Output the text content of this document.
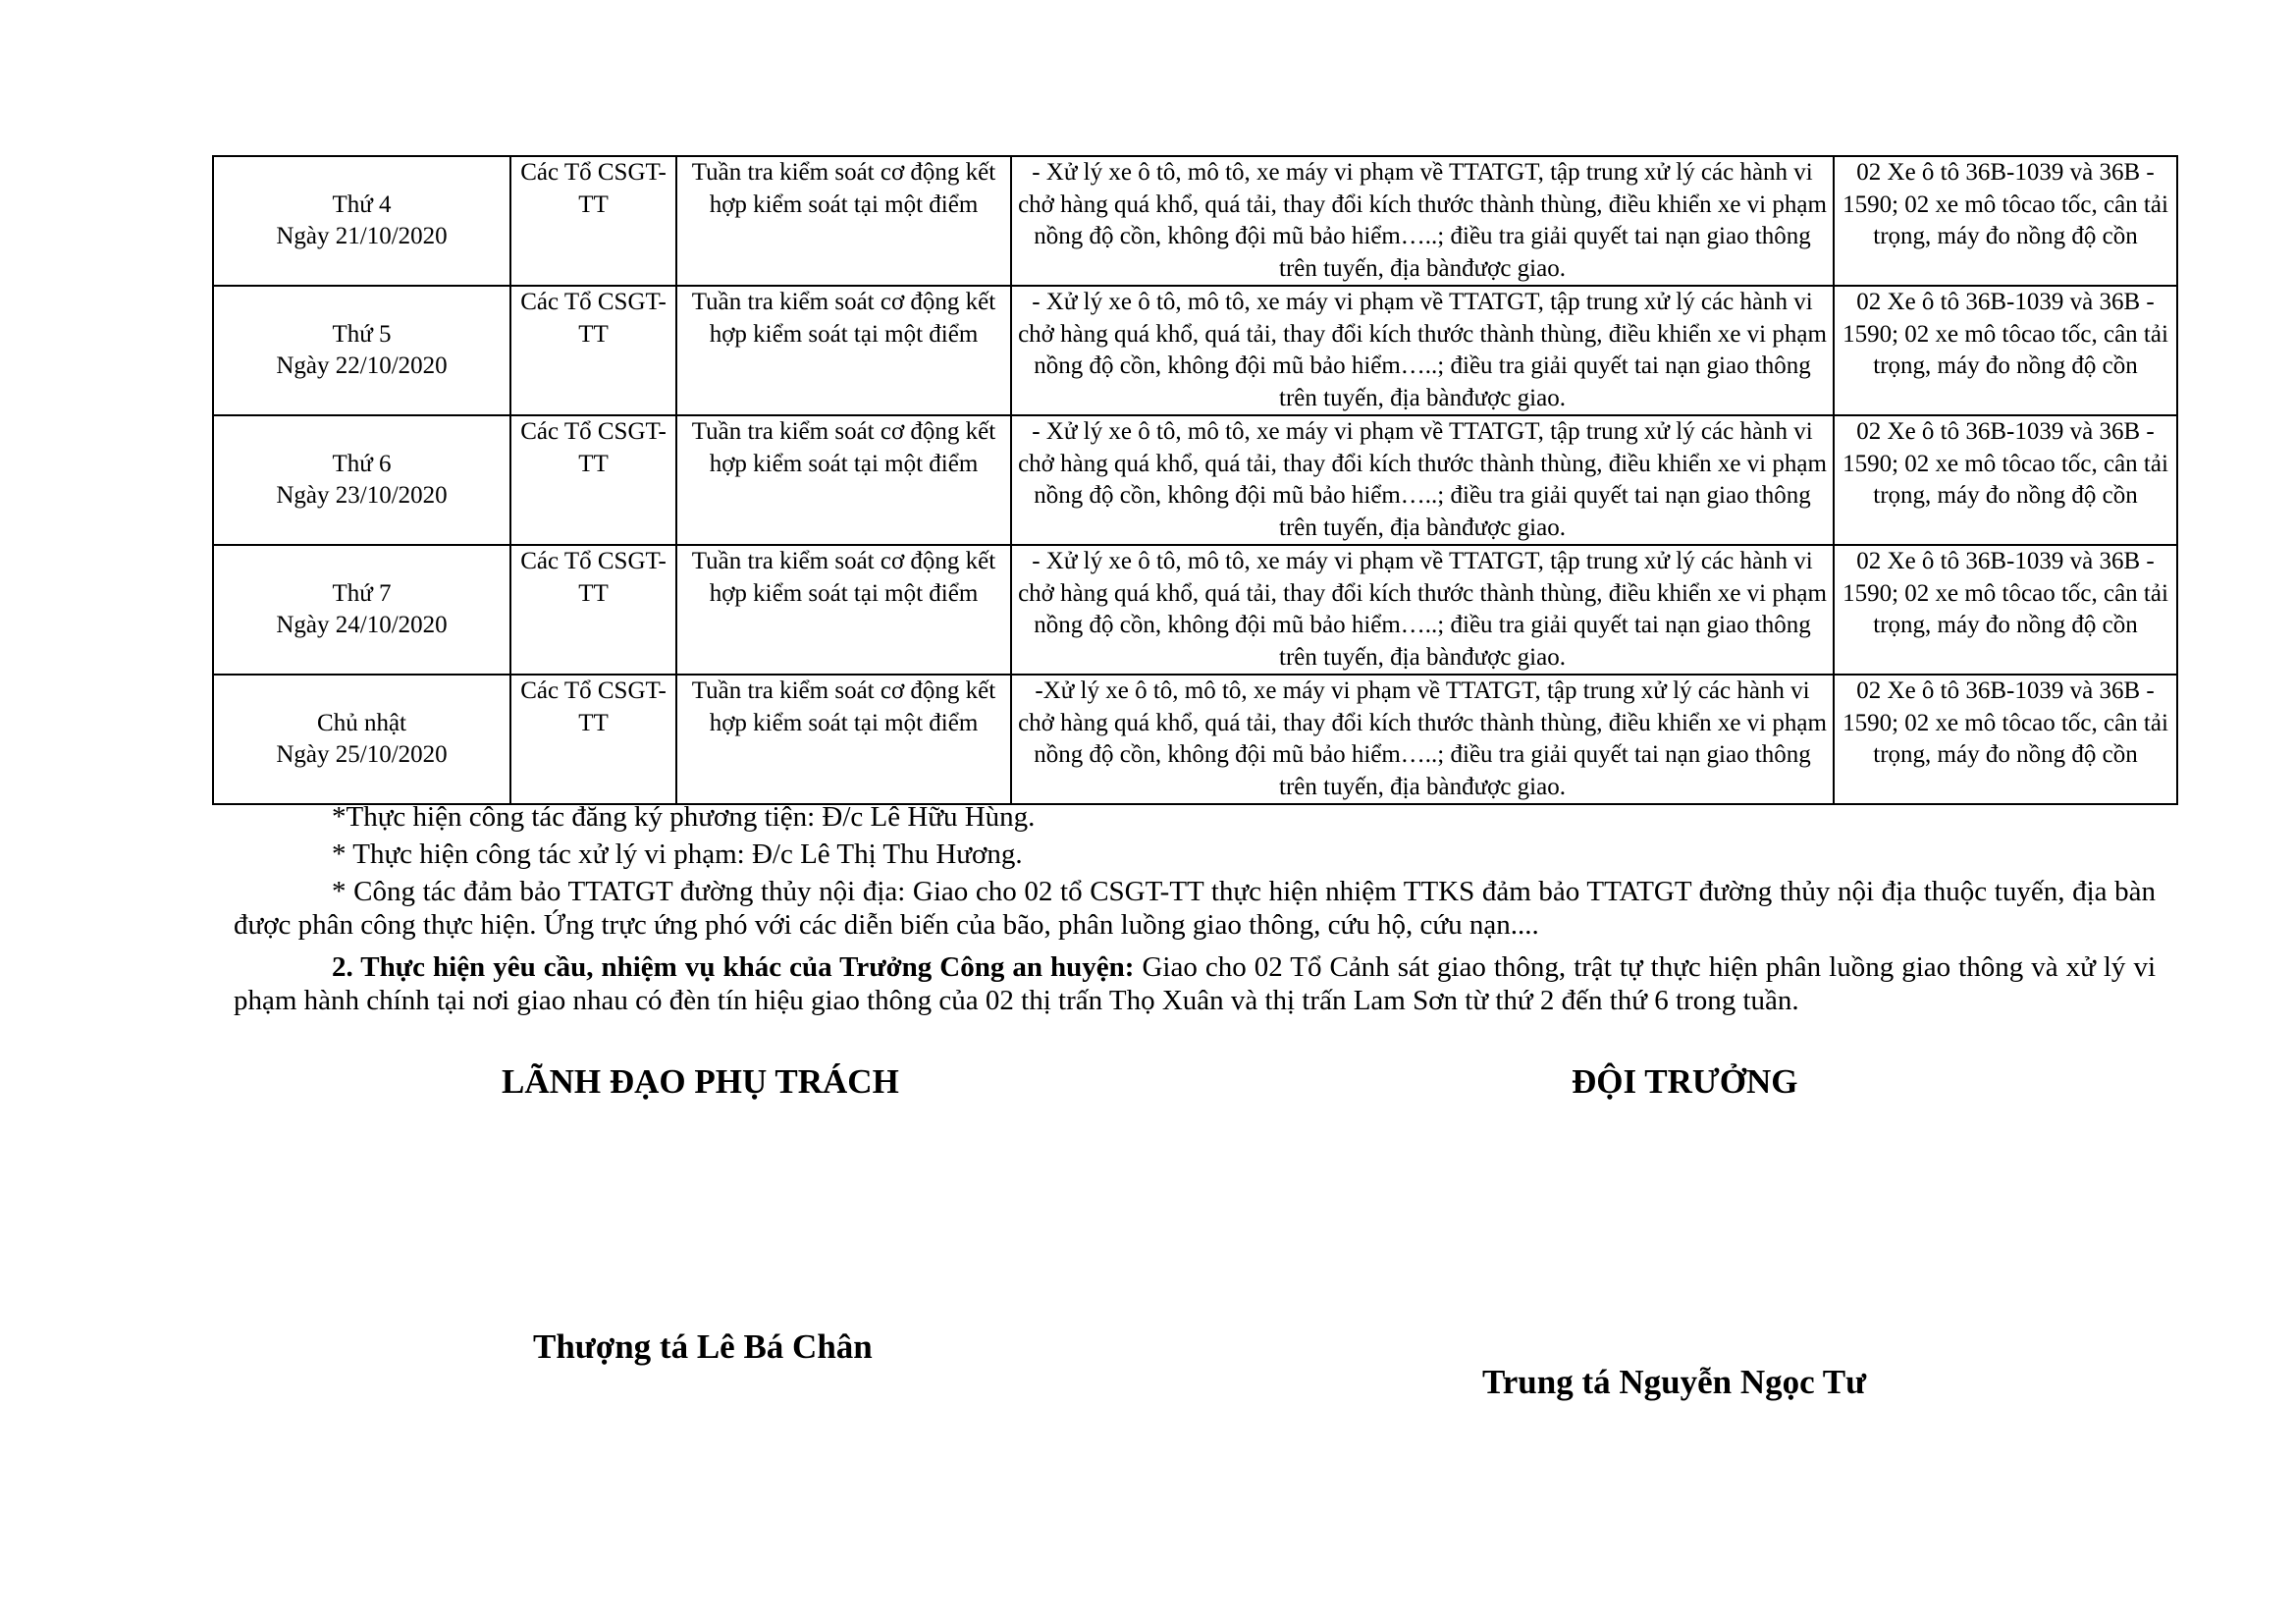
Thứ 4
Ngày 21/10/2020	Các Tổ CSGT-TT	Tuần tra kiểm soát cơ động kết hợp kiểm soát tại một điểm	- Xử lý xe ô tô, mô tô, xe máy vi phạm về TTATGT, tập trung xử lý các hành vi chở hàng quá khổ, quá tải, thay đổi kích thước thành thùng, điều khiển xe vi phạm nồng độ cồn, không đội mũ bảo hiểm…..; điều tra giải quyết tai nạn giao thông trên tuyến, địa bànđược giao.	02 Xe ô tô 36B-1039 và 36B - 1590; 02 xe mô tôcao tốc, cân tải trọng, máy đo nồng độ cồn
Thứ 5
Ngày 22/10/2020	Các Tổ CSGT-TT	Tuần tra kiểm soát cơ động kết hợp kiểm soát tại một điểm	- Xử lý xe ô tô, mô tô, xe máy vi phạm về TTATGT, tập trung xử lý các hành vi chở hàng quá khổ, quá tải, thay đổi kích thước thành thùng, điều khiển xe vi phạm nồng độ cồn, không đội mũ bảo hiểm…..; điều tra giải quyết tai nạn giao thông trên tuyến, địa bànđược giao.	02 Xe ô tô 36B-1039 và 36B - 1590; 02 xe mô tôcao tốc, cân tải trọng, máy đo nồng độ cồn
Thứ 6
Ngày 23/10/2020	Các Tổ CSGT-TT	Tuần tra kiểm soát cơ động kết hợp kiểm soát tại một điểm	- Xử lý xe ô tô, mô tô, xe máy vi phạm về TTATGT, tập trung xử lý các hành vi chở hàng quá khổ, quá tải, thay đổi kích thước thành thùng, điều khiển xe vi phạm nồng độ cồn, không đội mũ bảo hiểm…..; điều tra giải quyết tai nạn giao thông trên tuyến, địa bànđược giao.	02 Xe ô tô 36B-1039 và 36B - 1590; 02 xe mô tôcao tốc, cân tải trọng, máy đo nồng độ cồn
Thứ 7
Ngày 24/10/2020	Các Tổ CSGT-TT	Tuần tra kiểm soát cơ động kết hợp kiểm soát tại một điểm	- Xử lý xe ô tô, mô tô, xe máy vi phạm về TTATGT, tập trung xử lý các hành vi chở hàng quá khổ, quá tải, thay đổi kích thước thành thùng, điều khiển xe vi phạm nồng độ cồn, không đội mũ bảo hiểm…..; điều tra giải quyết tai nạn giao thông trên tuyến, địa bànđược giao.	02 Xe ô tô 36B-1039 và 36B - 1590; 02 xe mô tôcao tốc, cân tải trọng, máy đo nồng độ cồn
Chủ nhật
Ngày 25/10/2020	Các Tổ CSGT-TT	Tuần tra kiểm soát cơ động kết hợp kiểm soát tại một điểm	-Xử lý xe ô tô, mô tô, xe máy vi phạm về TTATGT, tập trung xử lý các hành vi chở hàng quá khổ, quá tải, thay đổi kích thước thành thùng, điều khiển xe vi phạm nồng độ cồn, không đội mũ bảo hiểm…..; điều tra giải quyết tai nạn giao thông trên tuyến, địa bànđược giao.	02 Xe ô tô 36B-1039 và 36B - 1590; 02 xe mô tôcao tốc, cân tải trọng, máy đo nồng độ cồn
*Thực hiện công tác đăng ký phương tiện: Đ/c Lê Hữu Hùng.
* Thực hiện công tác xử lý vi phạm: Đ/c Lê Thị Thu Hương.
* Công tác đảm bảo TTATGT đường thủy nội địa: Giao cho 02 tổ CSGT-TT thực hiện nhiệm TTKS đảm bảo TTATGT đường thủy nội địa thuộc tuyến, địa bàn được phân công thực hiện. Ứng trực ứng phó với các diễn biến của bão, phân luồng giao thông, cứu hộ, cứu nạn....

2. Thực hiện yêu cầu, nhiệm vụ khác của Trưởng Công an huyện: Giao cho 02 Tổ Cảnh sát giao thông, trật tự thực hiện phân luồng giao thông và xử lý vi phạm hành chính tại nơi giao nhau có đèn tín hiệu giao thông của 02 thị trấn Thọ Xuân và thị trấn Lam Sơn từ thứ 2 đến thứ 6 trong tuần.

LÃNH ĐẠO PHỤ TRÁCH	ĐỘI TRƯỞNG
Thượng tá Lê Bá Chân
Trung tá Nguyễn Ngọc Tư
